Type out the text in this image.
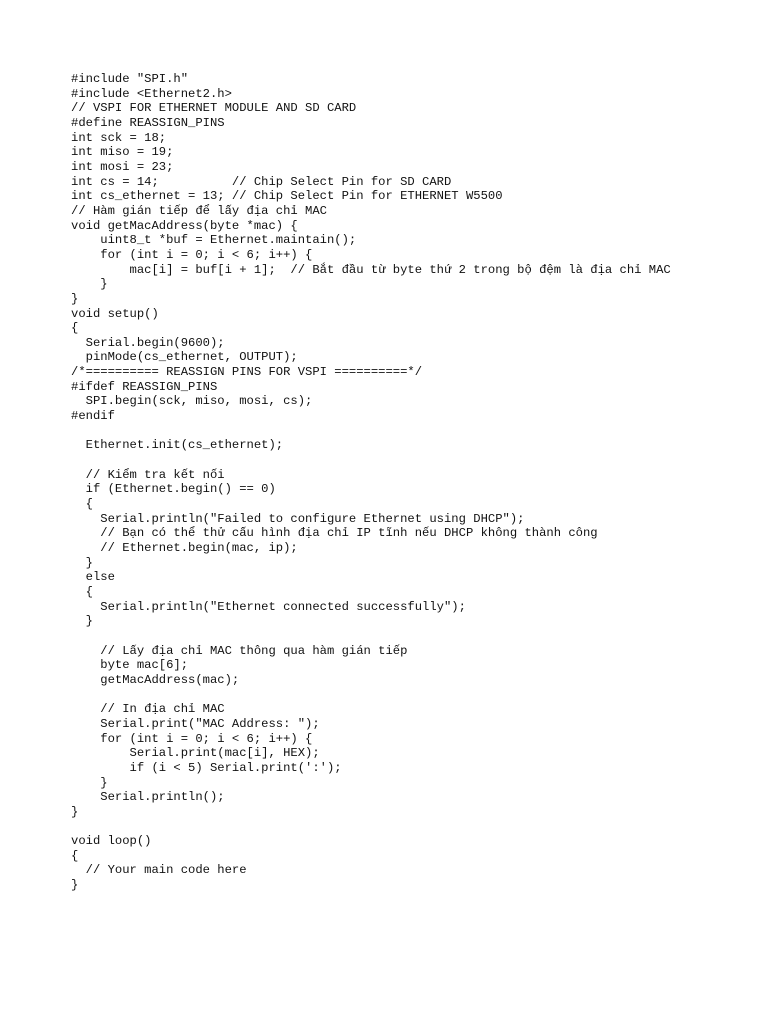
#include "SPI.h"
#include <Ethernet2.h>
// VSPI FOR ETHERNET MODULE AND SD CARD
#define REASSIGN_PINS
int sck = 18;
int miso = 19;
int mosi = 23;
int cs = 14;          // Chip Select Pin for SD CARD
int cs_ethernet = 13; // Chip Select Pin for ETHERNET W5500
// Hàm gián tiếp để lấy địa chỉ MAC
void getMacAddress(byte *mac) {
uint8_t *buf = Ethernet.maintain();
for (int i = 0; i < 6; i++) {
mac[i] = buf[i + 1];  // Bắt đầu từ byte thứ 2 trong bộ đệm là địa chỉ MAC
}
}
void setup()
{
Serial.begin(9600);
pinMode(cs_ethernet, OUTPUT);
/*========== REASSIGN PINS FOR VSPI ==========*/
#ifdef REASSIGN_PINS
SPI.begin(sck, miso, mosi, cs);
#endif
Ethernet.init(cs_ethernet);
// Kiểm tra kết nối
if (Ethernet.begin() == 0)
{
Serial.println("Failed to configure Ethernet using DHCP");
// Bạn có thể thử cấu hình địa chỉ IP tĩnh nếu DHCP không thành công
// Ethernet.begin(mac, ip);
}
else
{
Serial.println("Ethernet connected successfully");
}
// Lấy địa chỉ MAC thông qua hàm gián tiếp
byte mac[6];
getMacAddress(mac);
// In địa chỉ MAC
Serial.print("MAC Address: ");
for (int i = 0; i < 6; i++) {
Serial.print(mac[i], HEX);
if (i < 5) Serial.print(':');
}
Serial.println();
}
void loop()
{
// Your main code here
}
